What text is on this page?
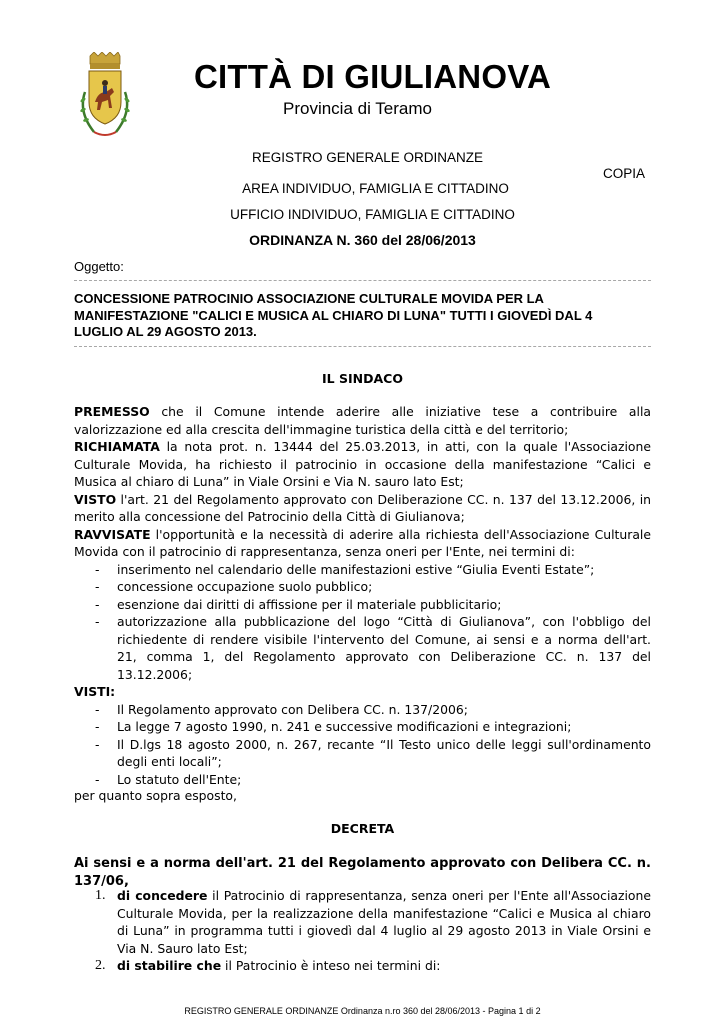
CITTÀ DI GIULIANOVA
Provincia di Teramo
REGISTRO GENERALE ORDINANZE
COPIA
AREA INDIVIDUO, FAMIGLIA E CITTADINO
UFFICIO INDIVIDUO, FAMIGLIA E CITTADINO
ORDINANZA N. 360 del 28/06/2013
Oggetto:
CONCESSIONE PATROCINIO ASSOCIAZIONE CULTURALE MOVIDA PER LA MANIFESTAZIONE "CALICI E MUSICA AL CHIARO DI LUNA" TUTTI I GIOVEDÌ DAL 4 LUGLIO AL 29 AGOSTO 2013.
IL SINDACO

PREMESSO che il Comune intende aderire alle iniziative tese a contribuire alla valorizzazione ed alla crescita dell'immagine turistica della città e del territorio;

RICHIAMATA la nota prot. n. 13444 del 25.03.2013, in atti, con la quale l'Associazione Culturale Movida, ha richiesto il patrocinio in occasione della manifestazione “Calici e Musica al chiaro di Luna” in Viale Orsini e Via N. sauro lato Est;

VISTO l'art. 21 del Regolamento approvato con Deliberazione CC. n. 137 del 13.12.2006, in merito alla concessione del Patrocinio della Città di Giulianova;

RAVVISATE l'opportunità e la necessità di aderire alla richiesta dell'Associazione Culturale Movida con il patrocinio di rappresentanza, senza oneri per l'Ente, nei termini di:

- inserimento nel calendario delle manifestazioni estive “Giulia Eventi Estate”;
- concessione occupazione suolo pubblico;
- esenzione dai diritti di affissione per il materiale pubblicitario;
- autorizzazione alla pubblicazione del logo “Città di Giulianova”, con l'obbligo del richiedente di rendere visibile l'intervento del Comune, ai sensi e a norma dell'art. 21, comma 1, del Regolamento approvato con Deliberazione CC. n. 137 del 13.12.2006;

VISTI:

- Il Regolamento approvato con Delibera CC. n. 137/2006;
- La legge 7 agosto 1990, n. 241 e successive modificazioni e integrazioni;
- Il D.lgs 18 agosto 2000, n. 267, recante “Il Testo unico delle leggi sull'ordinamento degli enti locali”;
- Lo statuto dell'Ente;
per quanto sopra esposto,
DECRETA
Ai sensi e a norma dell'art. 21 del Regolamento approvato con Delibera CC. n. 137/06,
1. di concedere il Patrocinio di rappresentanza, senza oneri per l'Ente all'Associazione Culturale Movida, per la realizzazione della manifestazione “Calici e Musica al chiaro di Luna” in programma tutti i giovedì dal 4 luglio al 29 agosto 2013 in Viale Orsini e Via N. Sauro lato Est;
2. di stabilire che il Patrocinio è inteso nei termini di:
REGISTRO GENERALE ORDINANZE Ordinanza n.ro 360 del 28/06/2013 - Pagina 1 di 2
